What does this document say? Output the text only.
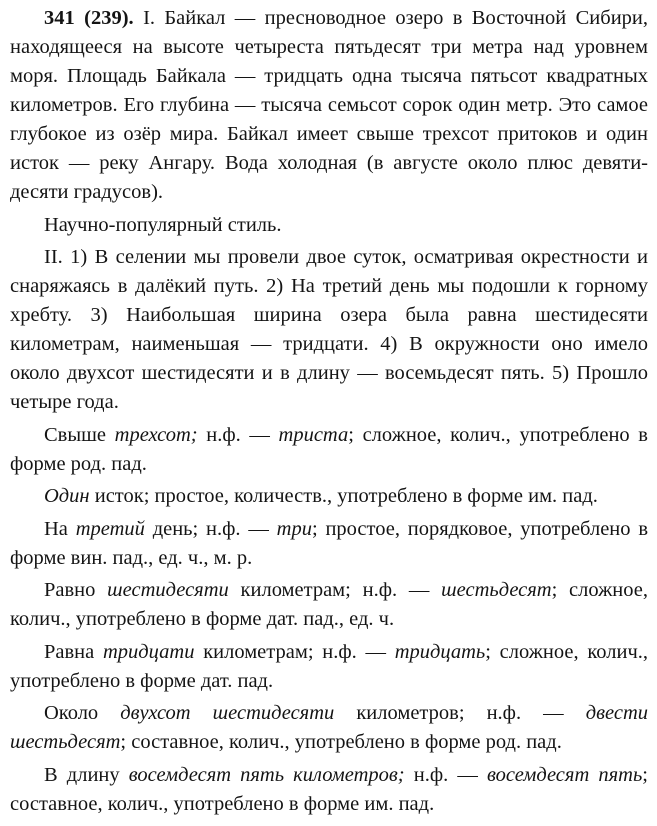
341 (239). I. Байкал — пресноводное озеро в Восточной Сибири, находящееся на высоте четыреста пятьдесят три метра над уровнем моря. Площадь Байкала — тридцать одна тысяча пятьсот квадратных километров. Его глубина — тысяча семьсот сорок один метр. Это самое глубокое из озёр мира. Байкал имеет свыше трехсот притоков и один исток — реку Ангару. Вода холодная (в августе около плюс девяти-десяти градусов).

Научно-популярный стиль.

II. 1) В селении мы провели двое суток, осматривая окрестности и снаряжаясь в далёкий путь. 2) На третий день мы подошли к горному хребту. 3) Наибольшая ширина озера была равна шестидесяти километрам, наименьшая — тридцати. 4) В окружности оно имело около двухсот шестидесяти и в длину — восемьдесят пять. 5) Прошло четыре года.

Свыше трехсот; н.ф. — триста; сложное, колич., употреблено в форме род. пад.

Один исток; простое, количеств., употреблено в форме им. пад.

На третий день; н.ф. — три; простое, порядковое, употреблено в форме вин. пад., ед. ч., м. р.

Равно шестидесяти километрам; н.ф. — шестьдесят; сложное, колич., употреблено в форме дат. пад., ед. ч.

Равна тридцати километрам; н.ф. — тридцать; сложное, колич., употреблено в форме дат. пад.

Около двухсот шестидесяти километров; н.ф. — двести шестьдесят; составное, колич., употреблено в форме род. пад.

В длину восемдесят пять километров; н.ф. — восемдесят пять; составное, колич., употреблено в форме им. пад.
